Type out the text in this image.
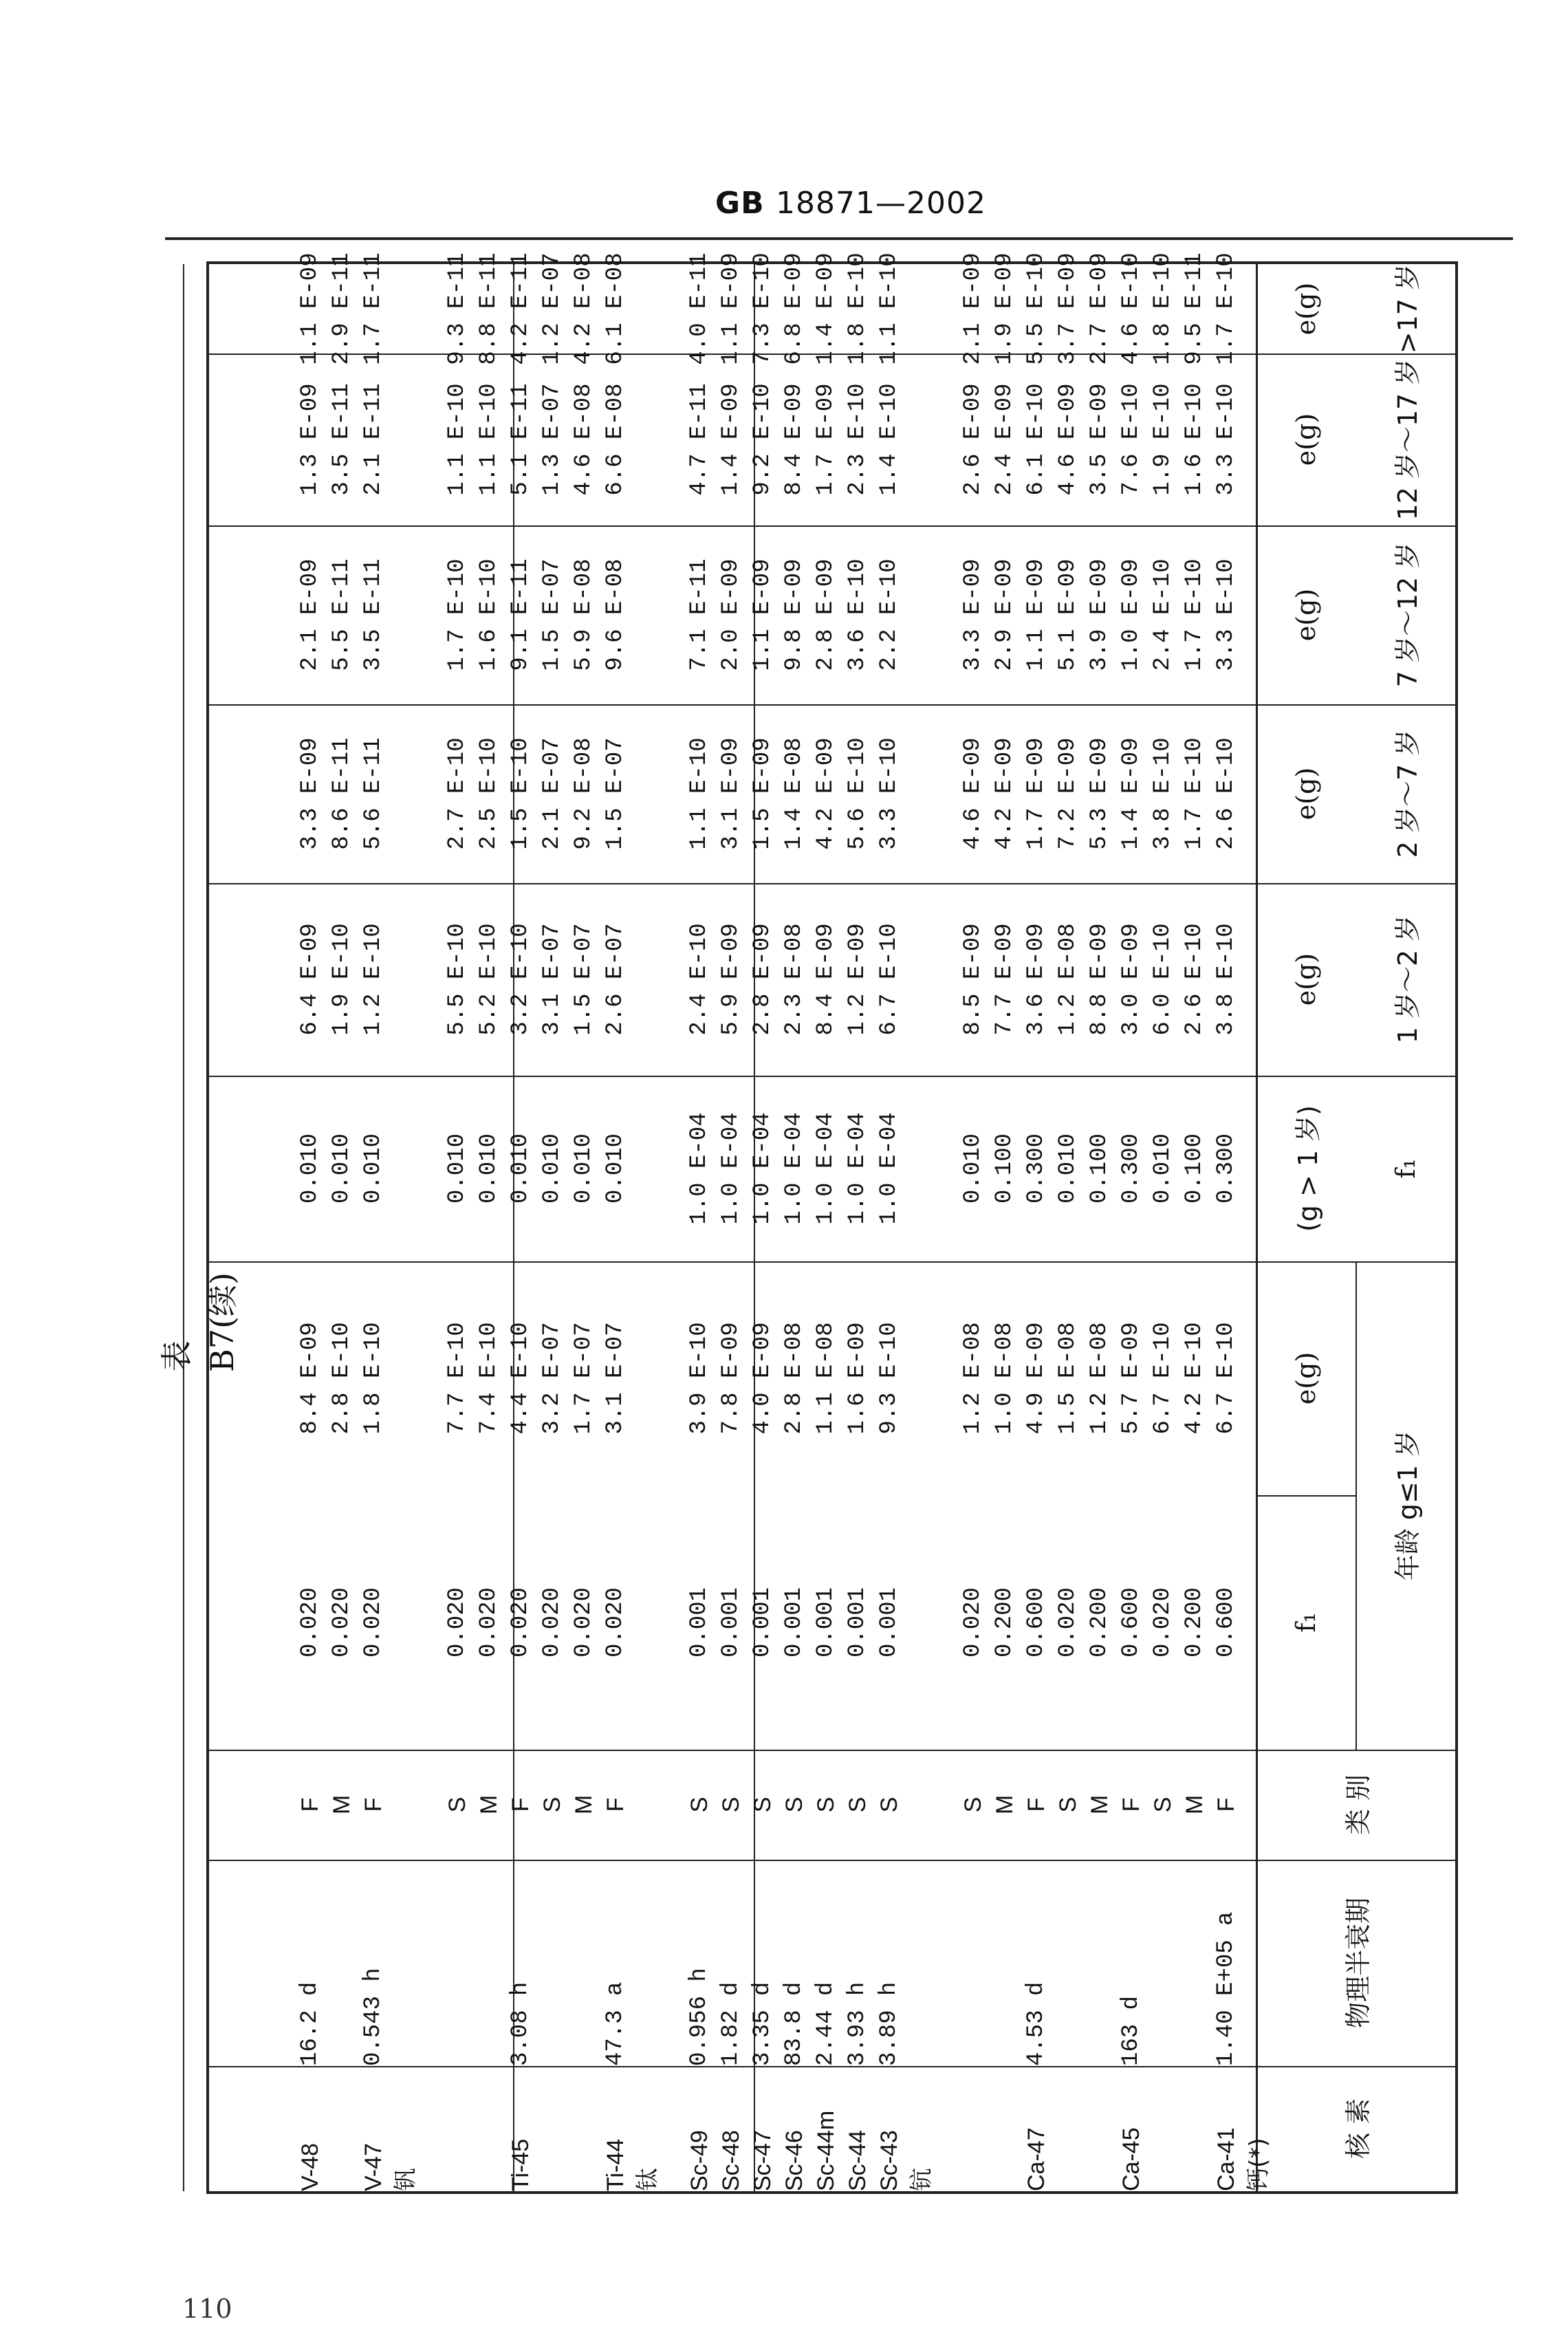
GB 18871—2002
表 B7(续)
核 素
物理半衰期
类 别
年龄 g≤1 岁
f₁
e(g)
f₁
(g > 1 岁)
1 岁～2 岁
e(g)
2 岁～7 岁
e(g)
7 岁～12 岁
e(g)
12 岁～17 岁
e(g)
>17 岁
e(g)
钙(*)
Ca-41
1.40 E+05 a
F
0.600
6.7 E-10
0.300
3.8 E-10
2.6 E-10
3.3 E-10
3.3 E-10
1.7 E-10
M
0.200
4.2 E-10
0.100
2.6 E-10
1.7 E-10
1.7 E-10
1.6 E-10
9.5 E-11
S
0.020
6.7 E-10
0.010
6.0 E-10
3.8 E-10
2.4 E-10
1.9 E-10
1.8 E-10
Ca-45
163 d
F
0.600
5.7 E-09
0.300
3.0 E-09
1.4 E-09
1.0 E-09
7.6 E-10
4.6 E-10
M
0.200
1.2 E-08
0.100
8.8 E-09
5.3 E-09
3.9 E-09
3.5 E-09
2.7 E-09
S
0.020
1.5 E-08
0.010
1.2 E-08
7.2 E-09
5.1 E-09
4.6 E-09
3.7 E-09
Ca-47
4.53 d
F
0.600
4.9 E-09
0.300
3.6 E-09
1.7 E-09
1.1 E-09
6.1 E-10
5.5 E-10
M
0.200
1.0 E-08
0.100
7.7 E-09
4.2 E-09
2.9 E-09
2.4 E-09
1.9 E-09
S
0.020
1.2 E-08
0.010
8.5 E-09
4.6 E-09
3.3 E-09
2.6 E-09
2.1 E-09
钪
Sc-43
3.89 h
S
0.001
9.3 E-10
1.0 E-04
6.7 E-10
3.3 E-10
2.2 E-10
1.4 E-10
1.1 E-10
Sc-44
3.93 h
S
0.001
1.6 E-09
1.0 E-04
1.2 E-09
5.6 E-10
3.6 E-10
2.3 E-10
1.8 E-10
Sc-44m
2.44 d
S
0.001
1.1 E-08
1.0 E-04
8.4 E-09
4.2 E-09
2.8 E-09
1.7 E-09
1.4 E-09
Sc-46
83.8 d
S
0.001
2.8 E-08
1.0 E-04
2.3 E-08
1.4 E-08
9.8 E-09
8.4 E-09
6.8 E-09
Sc-47
3.35 d
S
0.001
4.0 E-09
1.0 E-04
2.8 E-09
1.5 E-09
1.1 E-09
9.2 E-10
7.3 E-10
Sc-48
1.82 d
S
0.001
7.8 E-09
1.0 E-04
5.9 E-09
3.1 E-09
2.0 E-09
1.4 E-09
1.1 E-09
Sc-49
0.956 h
S
0.001
3.9 E-10
1.0 E-04
2.4 E-10
1.1 E-10
7.1 E-11
4.7 E-11
4.0 E-11
钛
Ti-44
47.3 a
F
0.020
3.1 E-07
0.010
2.6 E-07
1.5 E-07
9.6 E-08
6.6 E-08
6.1 E-08
M
0.020
1.7 E-07
0.010
1.5 E-07
9.2 E-08
5.9 E-08
4.6 E-08
4.2 E-08
S
0.020
3.2 E-07
0.010
3.1 E-07
2.1 E-07
1.5 E-07
1.3 E-07
1.2 E-07
Ti-45
3.08 h
F
0.020
4.4 E-10
0.010
3.2 E-10
1.5 E-10
9.1 E-11
5.1 E-11
4.2 E-11
M
0.020
7.4 E-10
0.010
5.2 E-10
2.5 E-10
1.6 E-10
1.1 E-10
8.8 E-11
S
0.020
7.7 E-10
0.010
5.5 E-10
2.7 E-10
1.7 E-10
1.1 E-10
9.3 E-11
钒
V-47
0.543 h
F
0.020
1.8 E-10
0.010
1.2 E-10
5.6 E-11
3.5 E-11
2.1 E-11
1.7 E-11
M
0.020
2.8 E-10
0.010
1.9 E-10
8.6 E-11
5.5 E-11
3.5 E-11
2.9 E-11
V-48
16.2 d
F
0.020
8.4 E-09
0.010
6.4 E-09
3.3 E-09
2.1 E-09
1.3 E-09
1.1 E-09
110
